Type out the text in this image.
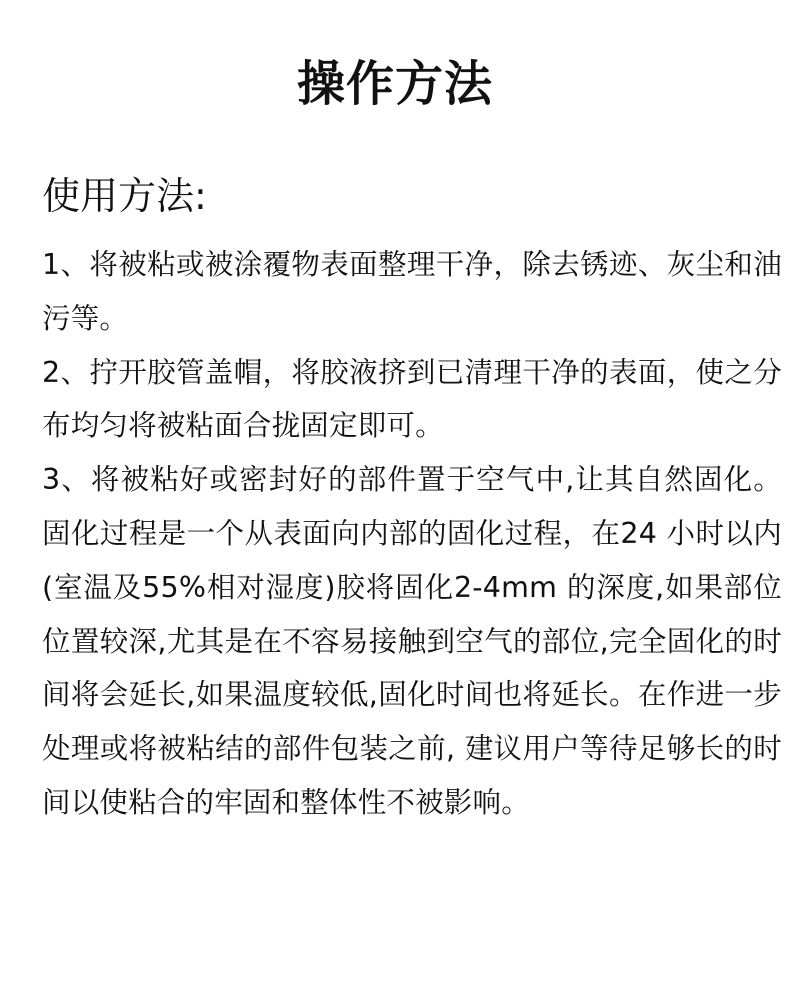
操作方法
使用方法:

1、将被粘或被涂覆物表面整理干净，除去锈迹、灰尘和油污等。

2、拧开胶管盖帽，将胶液挤到已清理干净的表面，使之分布均匀将被粘面合拢固定即可。

3、将被粘好或密封好的部件置于空气中,让其自然固化。固化过程是一个从表面向内部的固化过程，在24 小时以内(室温及55%相对湿度)胶将固化2-4mm 的深度,如果部位位置较深,尤其是在不容易接触到空气的部位,完全固化的时间将会延长,如果温度较低,固化时间也将延长。在作进一步处理或将被粘结的部件包装之前, 建议用户等待足够长的时间以使粘合的牢固和整体性不被影响。
